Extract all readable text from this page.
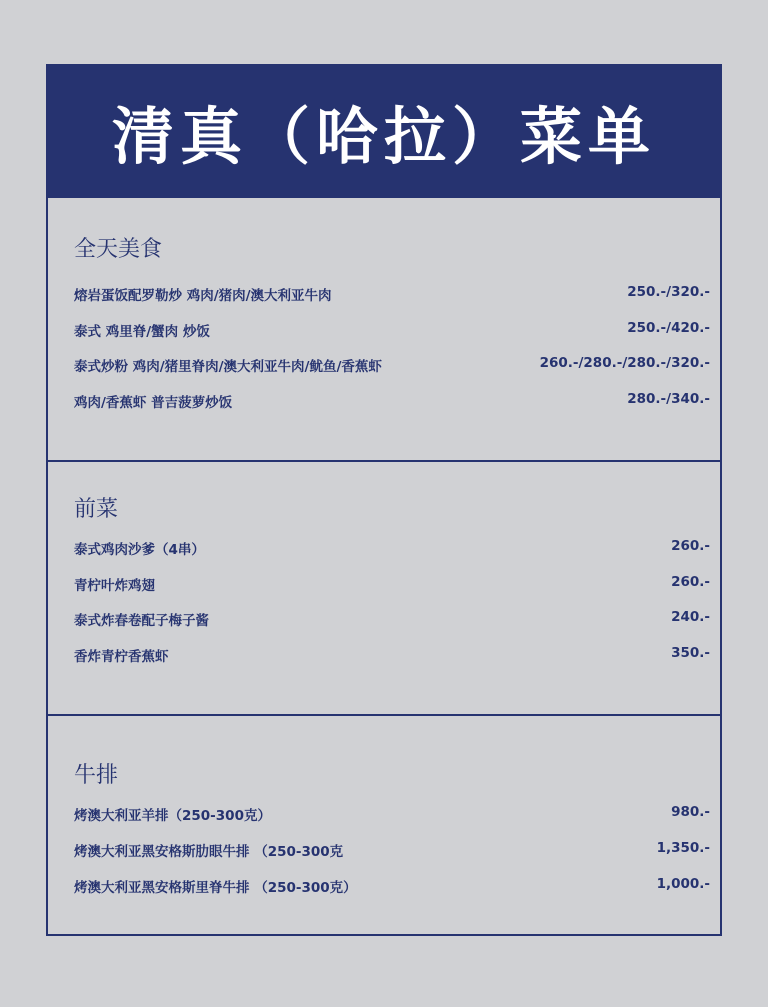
清真（哈拉）菜单
全天美食
熔岩蛋饭配罗勒炒 鸡肉/猪肉/澳大利亚牛肉	250.-/320.-
泰式 鸡里脊/蟹肉 炒饭	250.-/420.-
泰式炒粉 鸡肉/猪里脊肉/澳大利亚牛肉/鱿鱼/香蕉虾	260.-/280.-/280.-/320.-
鸡肉/香蕉虾 普吉菠萝炒饭	280.-/340.-
前菜
泰式鸡肉沙爹（4串）	260.-
青柠叶炸鸡翅	260.-
泰式炸春卷配子梅子酱	240.-
香炸青柠香蕉虾	350.-
牛排
烤澳大利亚羊排（250-300克）	980.-
烤澳大利亚黑安格斯肋眼牛排 （250-300克	1,350.-
烤澳大利亚黑安格斯里脊牛排 （250-300克）	1,000.-
